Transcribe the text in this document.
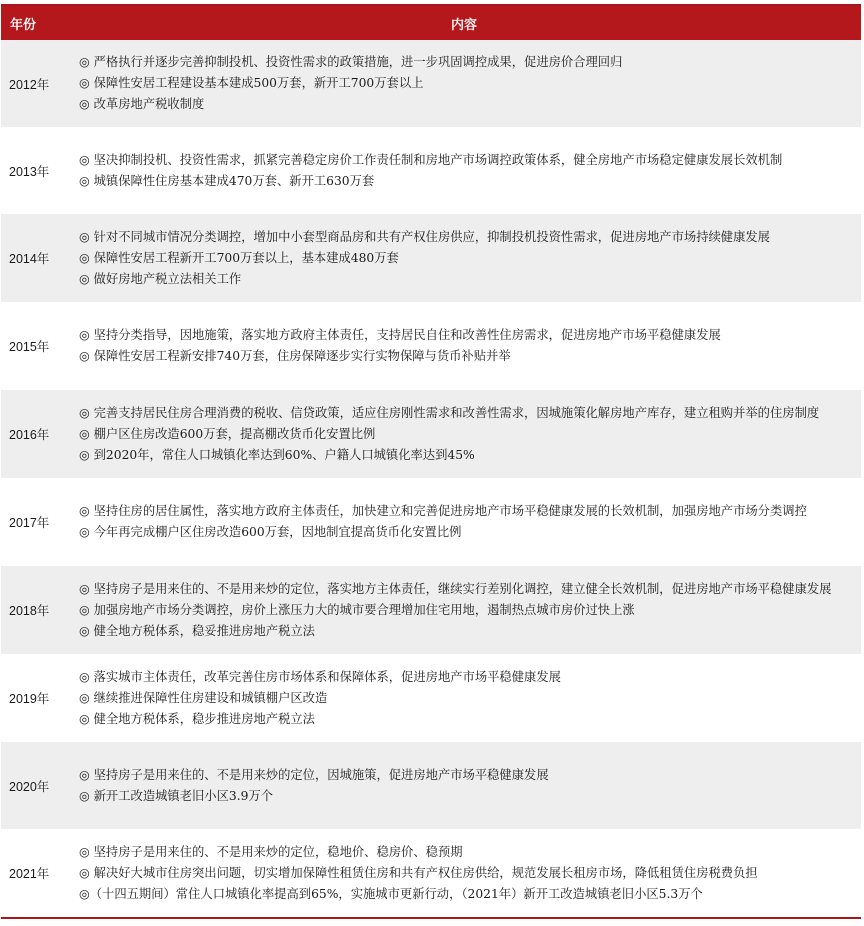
年份	内容
2012年	◎ 严格执行并逐步完善抑制投机、投资性需求的政策措施，进一步巩固调控成果，促进房价合理回归

◎ 保障性安居工程建设基本建成500万套，新开工700万套以上

◎ 改革房地产税收制度

2013年	◎ 坚决抑制投机、投资性需求，抓紧完善稳定房价工作责任制和房地产市场调控政策体系，健全房地产市场稳定健康发展长效机制

◎ 城镇保障性住房基本建成470万套、新开工630万套

2014年	◎ 针对不同城市情况分类调控，增加中小套型商品房和共有产权住房供应，抑制投机投资性需求，促进房地产市场持续健康发展

◎ 保障性安居工程新开工700万套以上，基本建成480万套

◎ 做好房地产税立法相关工作

2015年	◎ 坚持分类指导，因地施策，落实地方政府主体责任，支持居民自住和改善性住房需求，促进房地产市场平稳健康发展

◎ 保障性安居工程新安排740万套，住房保障逐步实行实物保障与货币补贴并举

2016年	◎ 完善支持居民住房合理消费的税收、信贷政策，适应住房刚性需求和改善性需求，因城施策化解房地产库存，建立租购并举的住房制度

◎ 棚户区住房改造600万套，提高棚改货币化安置比例

◎ 到2020年，常住人口城镇化率达到60%、户籍人口城镇化率达到45%

2017年	◎ 坚持住房的居住属性，落实地方政府主体责任，加快建立和完善促进房地产市场平稳健康发展的长效机制，加强房地产市场分类调控

◎ 今年再完成棚户区住房改造600万套，因地制宜提高货币化安置比例

2018年	◎ 坚持房子是用来住的、不是用来炒的定位，落实地方主体责任，继续实行差别化调控，建立健全长效机制，促进房地产市场平稳健康发展

◎ 加强房地产市场分类调控，房价上涨压力大的城市要合理增加住宅用地，遏制热点城市房价过快上涨

◎ 健全地方税体系，稳妥推进房地产税立法

2019年	◎ 落实城市主体责任，改革完善住房市场体系和保障体系，促进房地产市场平稳健康发展

◎ 继续推进保障性住房建设和城镇棚户区改造

◎ 健全地方税体系，稳步推进房地产税立法

2020年	◎ 坚持房子是用来住的、不是用来炒的定位，因城施策，促进房地产市场平稳健康发展

◎ 新开工改造城镇老旧小区3.9万个

2021年	◎ 坚持房子是用来住的、不是用来炒的定位，稳地价、稳房价、稳预期

◎ 解决好大城市住房突出问题，切实增加保障性租赁住房和共有产权住房供给，规范发展长租房市场，降低租赁住房税费负担

◎（十四五期间）常住人口城镇化率提高到65%，实施城市更新行动，（2021年）新开工改造城镇老旧小区5.3万个
